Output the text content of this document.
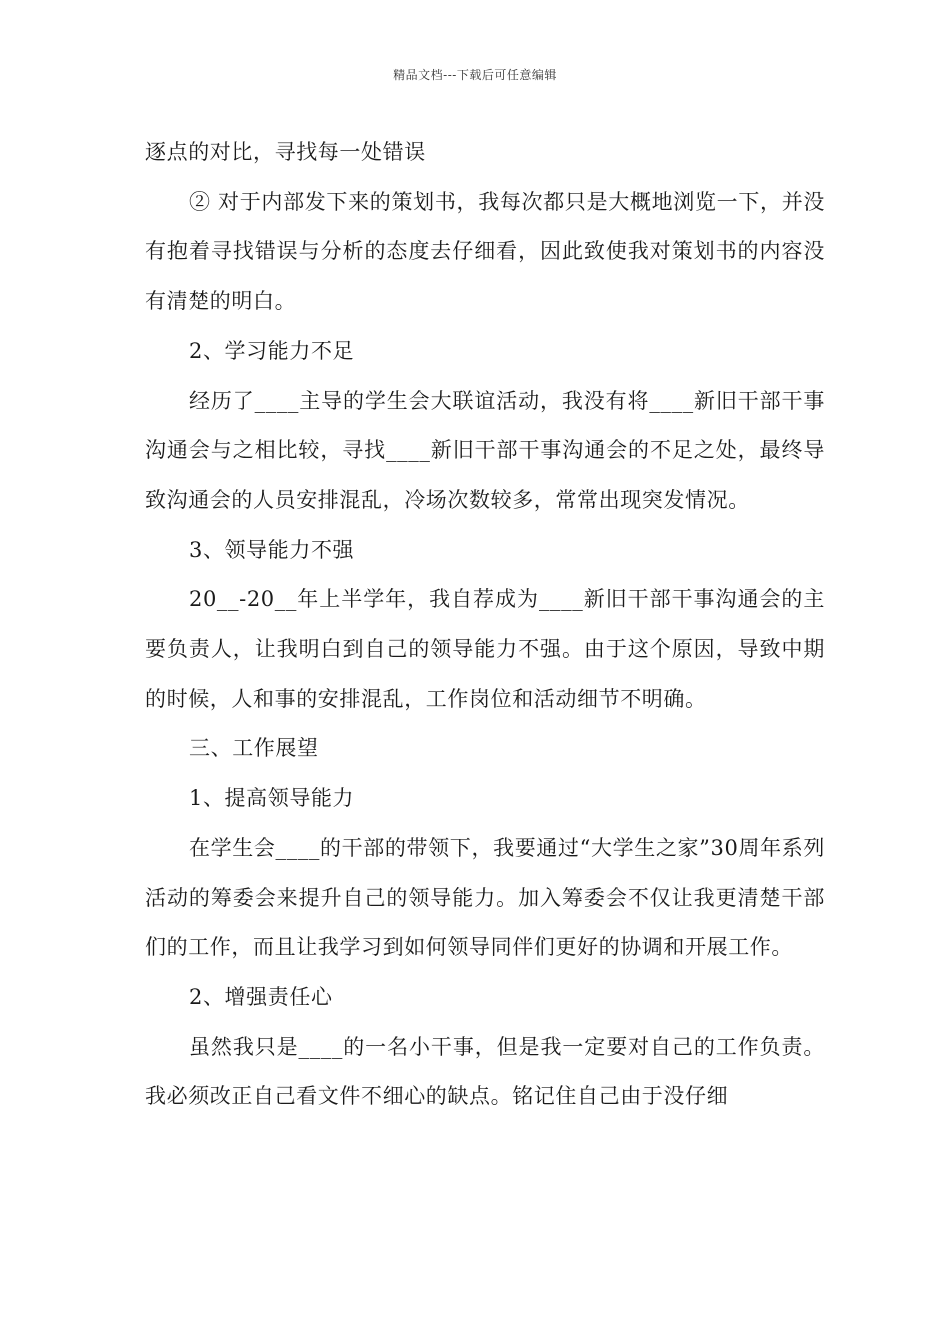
精品文档---下载后可任意编辑

逐点的对比，寻找每一处错误

② 对于内部发下来的策划书，我每次都只是大概地浏览一下，并没有抱着寻找错误与分析的态度去仔细看，因此致使我对策划书的内容没有清楚的明白。

2、学习能力不足

经历了____主导的学生会大联谊活动，我没有将____新旧干部干事沟通会与之相比较，寻找____新旧干部干事沟通会的不足之处，最终导致沟通会的人员安排混乱，冷场次数较多，常常出现突发情况。

3、领导能力不强

20__-20__年上半学年，我自荐成为____新旧干部干事沟通会的主要负责人，让我明白到自己的领导能力不强。由于这个原因，导致中期的时候，人和事的安排混乱，工作岗位和活动细节不明确。

三、工作展望

1、提高领导能力

在学生会____的干部的带领下，我要通过“大学生之家”30周年系列活动的筹委会来提升自己的领导能力。加入筹委会不仅让我更清楚干部们的工作，而且让我学习到如何领导同伴们更好的协调和开展工作。

2、增强责任心

虽然我只是____的一名小干事，但是我一定要对自己的工作负责。我必须改正自己看文件不细心的缺点。铭记住自己由于没仔细
